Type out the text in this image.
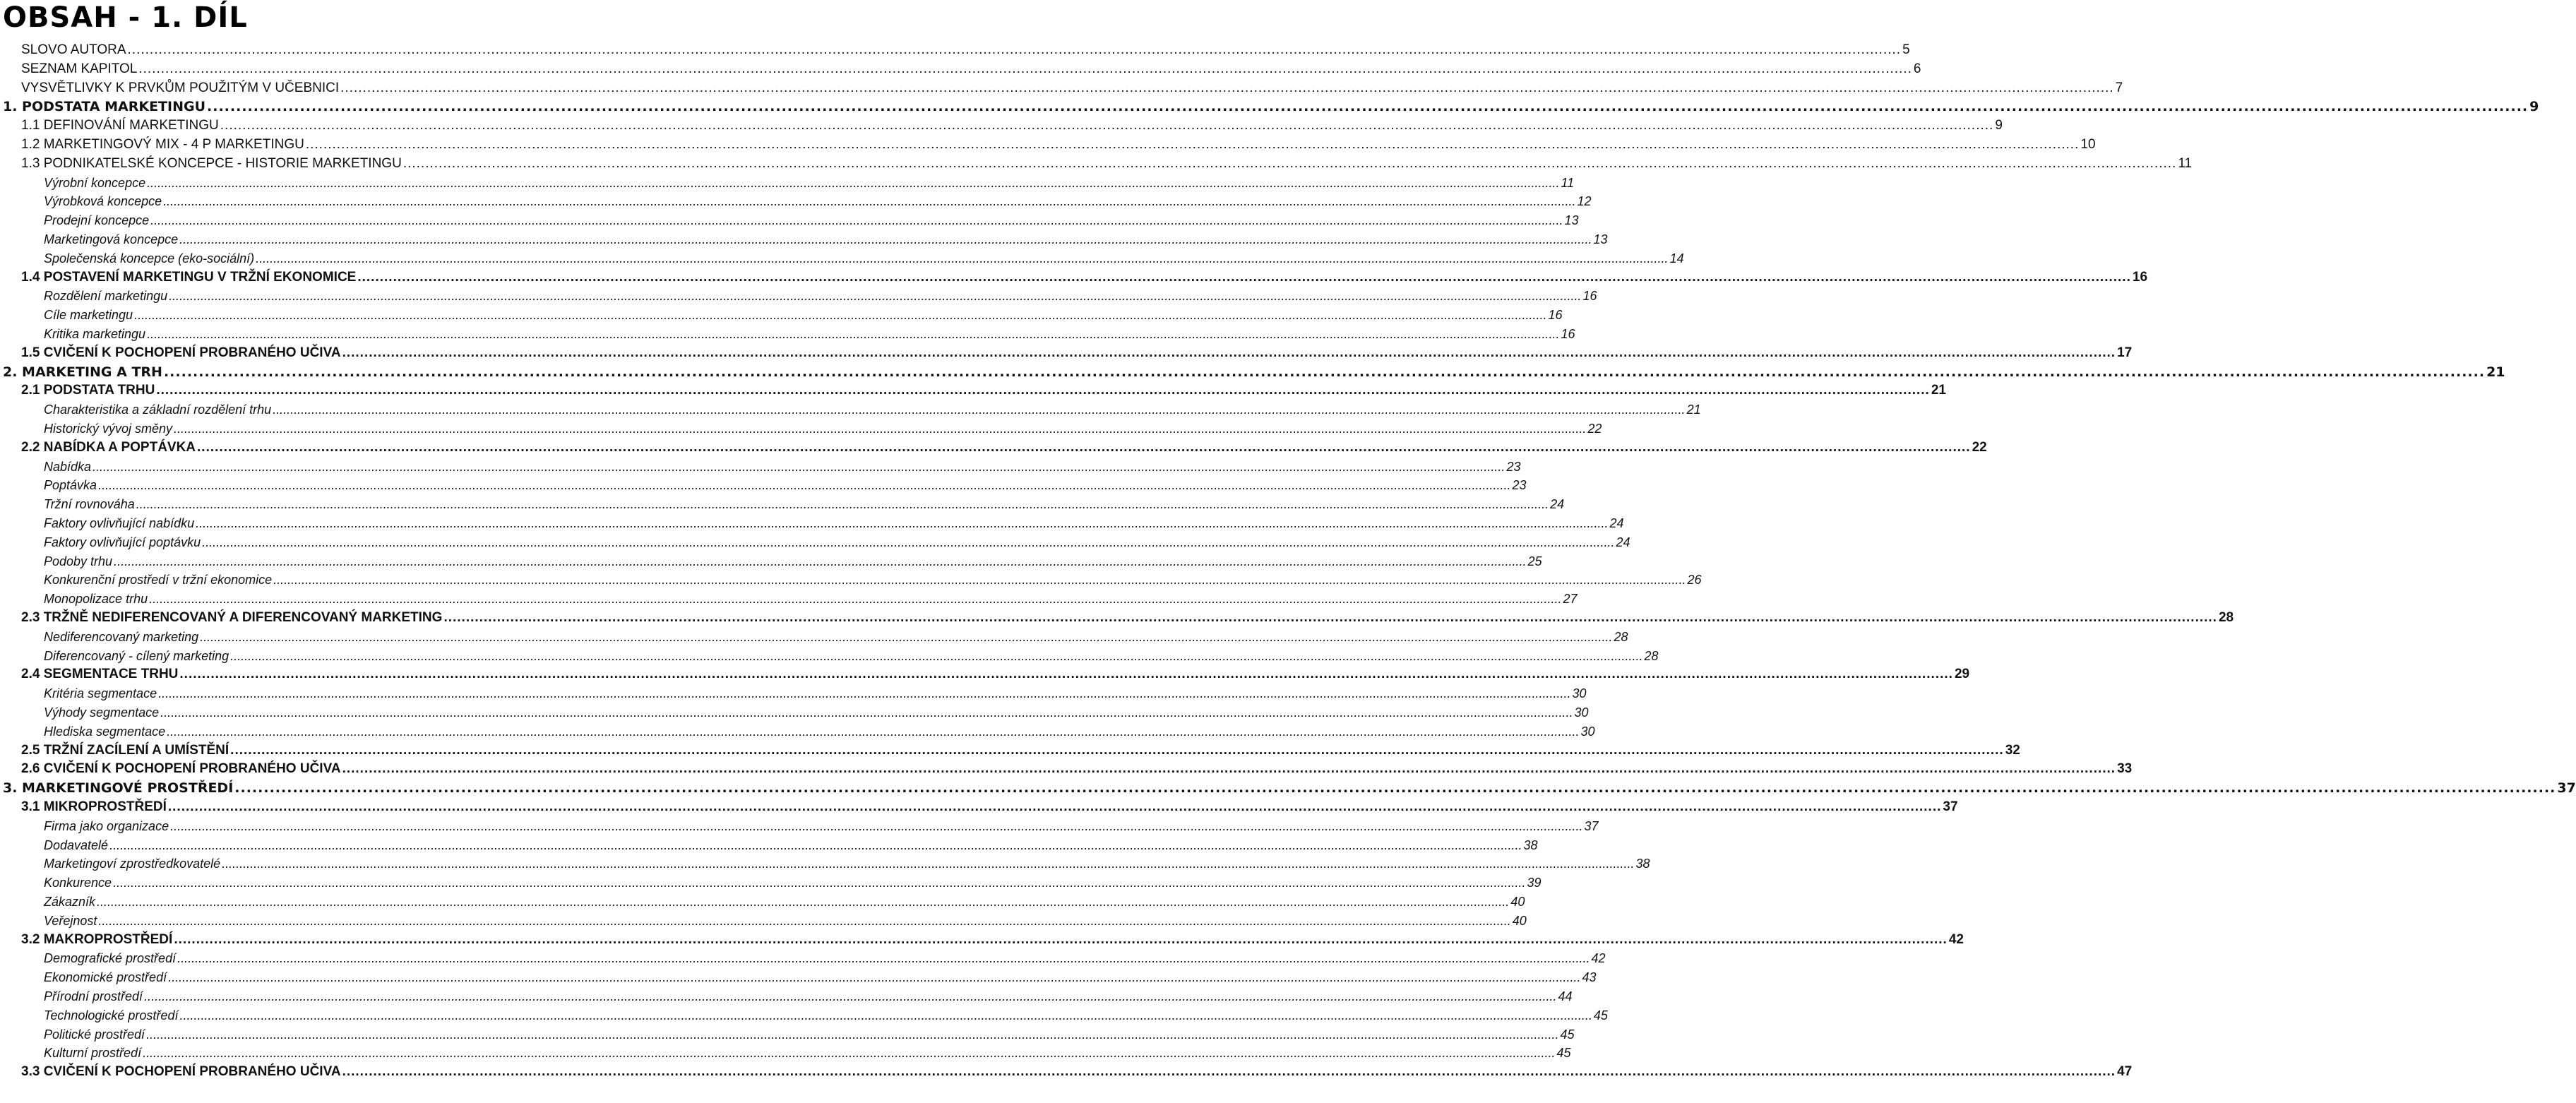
OBSAH - 1. DÍL
SLOVO AUTORA ................................................................................................................................................................................................................................................................................................................................................................................................................ 5
SEZNAM KAPITOL ................................................................................................................................................................................................................................................................................................................................................................................................................ 6
VYSVĚTLIVKY K PRVKŮM POUŽITÝM V UČEBNICI ................................................................................................................................................................................................................................................................................................................................................................................................................ 7
1. PODSTATA MARKETINGU ................................................................................................................................................................................................................................................................................................................................................................................................................ 9
1.1 DEFINOVÁNÍ MARKETINGU ................................................................................................................................................................................................................................................................................................................................................................................................................ 9
1.2 MARKETINGOVÝ MIX - 4 P MARKETINGU ................................................................................................................................................................................................................................................................................................................................................................................................................ 10
1.3 PODNIKATELSKÉ KONCEPCE - HISTORIE MARKETINGU ................................................................................................................................................................................................................................................................................................................................................................................................................ 11
Výrobní koncepce ................................................................................................................................................................................................................................................................................................................................................................................................................ 11
Výrobková koncepce ................................................................................................................................................................................................................................................................................................................................................................................................................ 12
Prodejní koncepce ................................................................................................................................................................................................................................................................................................................................................................................................................ 13
Marketingová koncepce ................................................................................................................................................................................................................................................................................................................................................................................................................ 13
Společenská koncepce (eko-sociální) ................................................................................................................................................................................................................................................................................................................................................................................................................ 14
1.4 POSTAVENÍ MARKETINGU V TRŽNÍ EKONOMICE ................................................................................................................................................................................................................................................................................................................................................................................................................ 16
Rozdělení marketingu ................................................................................................................................................................................................................................................................................................................................................................................................................ 16
Cíle marketingu ................................................................................................................................................................................................................................................................................................................................................................................................................ 16
Kritika marketingu ................................................................................................................................................................................................................................................................................................................................................................................................................ 16
1.5 CVIČENÍ K POCHOPENÍ PROBRANÉHO UČIVA ................................................................................................................................................................................................................................................................................................................................................................................................................ 17
2. MARKETING A TRH ................................................................................................................................................................................................................................................................................................................................................................................................................ 21
2.1 PODSTATA TRHU ................................................................................................................................................................................................................................................................................................................................................................................................................ 21
Charakteristika a základní rozdělení trhu ................................................................................................................................................................................................................................................................................................................................................................................................................ 21
Historický vývoj směny ................................................................................................................................................................................................................................................................................................................................................................................................................ 22
2.2 NABÍDKA A POPTÁVKA ................................................................................................................................................................................................................................................................................................................................................................................................................ 22
Nabídka ................................................................................................................................................................................................................................................................................................................................................................................................................ 23
Poptávka ................................................................................................................................................................................................................................................................................................................................................................................................................ 23
Tržní rovnováha ................................................................................................................................................................................................................................................................................................................................................................................................................ 24
Faktory ovlivňující nabídku ................................................................................................................................................................................................................................................................................................................................................................................................................ 24
Faktory ovlivňující poptávku ................................................................................................................................................................................................................................................................................................................................................................................................................ 24
Podoby trhu ................................................................................................................................................................................................................................................................................................................................................................................................................ 25
Konkurenční prostředí v tržní ekonomice ................................................................................................................................................................................................................................................................................................................................................................................................................ 26
Monopolizace trhu ................................................................................................................................................................................................................................................................................................................................................................................................................ 27
2.3 TRŽNĚ NEDIFERENCOVANÝ A DIFERENCOVANÝ MARKETING ................................................................................................................................................................................................................................................................................................................................................................................................................ 28
Nediferencovaný marketing ................................................................................................................................................................................................................................................................................................................................................................................................................ 28
Diferencovaný - cílený marketing ................................................................................................................................................................................................................................................................................................................................................................................................................ 28
2.4 SEGMENTACE TRHU ................................................................................................................................................................................................................................................................................................................................................................................................................ 29
Kritéria segmentace ................................................................................................................................................................................................................................................................................................................................................................................................................ 30
Výhody segmentace ................................................................................................................................................................................................................................................................................................................................................................................................................ 30
Hlediska segmentace ................................................................................................................................................................................................................................................................................................................................................................................................................ 30
2.5 TRŽNÍ ZACÍLENÍ A UMÍSTĚNÍ ................................................................................................................................................................................................................................................................................................................................................................................................................ 32
2.6 CVIČENÍ K POCHOPENÍ PROBRANÉHO UČIVA ................................................................................................................................................................................................................................................................................................................................................................................................................ 33
3. MARKETINGOVÉ PROSTŘEDÍ ................................................................................................................................................................................................................................................................................................................................................................................................................ 37
3.1 MIKROPROSTŘEDÍ ................................................................................................................................................................................................................................................................................................................................................................................................................ 37
Firma jako organizace ................................................................................................................................................................................................................................................................................................................................................................................................................ 37
Dodavatelé ................................................................................................................................................................................................................................................................................................................................................................................................................ 38
Marketingoví zprostředkovatelé ................................................................................................................................................................................................................................................................................................................................................................................................................ 38
Konkurence ................................................................................................................................................................................................................................................................................................................................................................................................................ 39
Zákazník ................................................................................................................................................................................................................................................................................................................................................................................................................ 40
Veřejnost ................................................................................................................................................................................................................................................................................................................................................................................................................ 40
3.2 MAKROPROSTŘEDÍ ................................................................................................................................................................................................................................................................................................................................................................................................................ 42
Demografické prostředí ................................................................................................................................................................................................................................................................................................................................................................................................................ 42
Ekonomické prostředí ................................................................................................................................................................................................................................................................................................................................................................................................................ 43
Přírodní prostředí ................................................................................................................................................................................................................................................................................................................................................................................................................ 44
Technologické prostředí ................................................................................................................................................................................................................................................................................................................................................................................................................ 45
Politické prostředí ................................................................................................................................................................................................................................................................................................................................................................................................................ 45
Kulturní prostředí ................................................................................................................................................................................................................................................................................................................................................................................................................ 45
3.3 CVIČENÍ K POCHOPENÍ PROBRANÉHO UČIVA ................................................................................................................................................................................................................................................................................................................................................................................................................ 47
